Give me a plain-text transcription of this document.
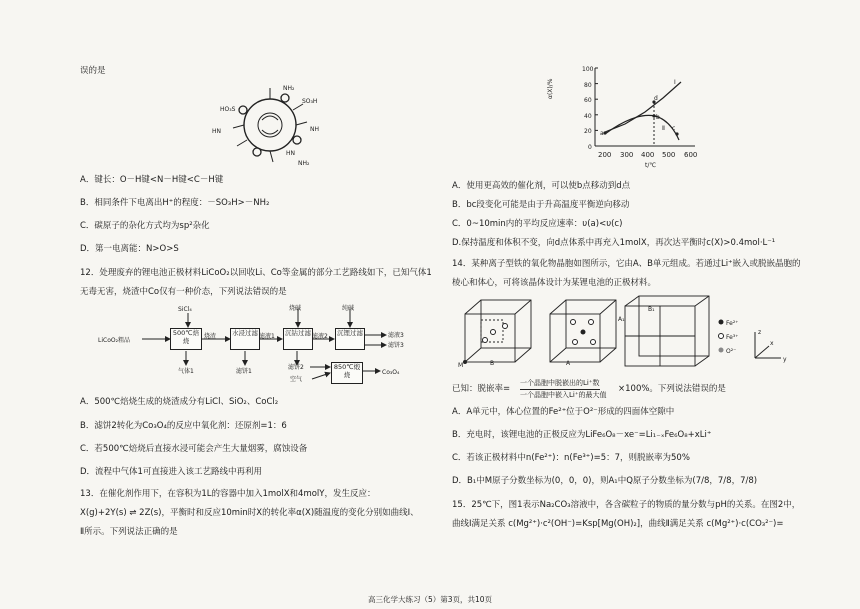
误的是
NH₂
SO₃H
HO₃S
HN	NH
HN
NH₂
A．键长：O－H键<N－H键<C－H键
B．相同条件下电离出H⁺的程度：－SO₃H>－NH₂
C．碳原子的杂化方式均为sp²杂化
D．第一电离能：N>O>S
12．处理废弃的锂电池正极材料LiCoO₂以回收Li、Co等金属的部分工艺路线如下，已知气体1
无毒无害，烧渣中Co仅有一种价态，下列说法错误的是
SiCl₄
LiCoO₂粗品
500℃焙烧
烧渣	水浸过滤 滤液1
烧碱
沉钴过滤 滤液2
纯碱
沉锂过滤	滤液3
滤饼3
气体1	滤饼1
滤饼2
空气
850℃煅烧	Co₃O₄
A．500℃焙烧生成的烧渣成分有LiCl、SiO₂、CoCl₂
B．滤饼2转化为Co₃O₄的反应中氧化剂：还原剂=1：6
C．若500℃焙烧后直接水浸可能会产生大量烟雾，腐蚀设备
D．流程中气体1可直接进入该工艺路线中再利用
13．在催化剂作用下，在容积为1L的容器中加入1molX和4molY，发生反应：
X(g)+2Y(s) ⇌ 2Z(s)，平衡时和反应10min时X的转化率α(X)随温度的变化分别如曲线Ⅰ、
Ⅱ所示。下列说法正确的是
α(X)/%
100
80
60
40
20
0
200 300 400 500 600
t/℃
a
b
c
d
Ⅰ
Ⅱ
A．使用更高效的催化剂，可以使b点移动到d点
B．bc段变化可能是由于升高温度平衡逆向移动
C．0~10min内的平均反应速率：υ(a)<υ(c)
D.保持温度和体积不变，向d点体系中再充入1molX，再次达平衡时c(X)>0.4mol·L⁻¹
14．某种离子型铁的氧化物晶胞如图所示，它由A、B单元组成。若通过Li⁺嵌入或脱嵌晶胞的
棱心和体心，可将该晶体设计为某锂电池的正极材料。
M	B	A
A₁
B₁
Fe²⁺
Fe³⁺
O²⁻
z
y
x
已知：脱嵌率=
一个晶胞中脱嵌出的Li⁺数
一个晶胞中嵌入Li⁺的最大值
×100%。下列说法错误的是
A．A单元中，体心位置的Fe²⁺位于O²⁻形成的四面体空隙中
B．充电时，该锂电池的正极反应为LiFe₆O₈－xe⁻=Li₁₋ₓFe₆O₈+xLi⁺
C．若该正极材料中n(Fe²⁺)：n(Fe³⁺)=5：7，则脱嵌率为50%
D．B₁中M原子分数坐标为(0，0，0)，则A₁中Q原子分数坐标为(7/8，7/8，7/8)
15．25℃下，图1表示Na₂CO₃溶液中，各含碳粒子的物质的量分数与pH的关系。在图2中，
曲线Ⅰ满足关系 c(Mg²⁺)·c²(OH⁻)=Ksp[Mg(OH)₂]，曲线Ⅱ满足关系 c(Mg²⁺)·c(CO₃²⁻)=
高三化学大练习（5）第3页，共10页
